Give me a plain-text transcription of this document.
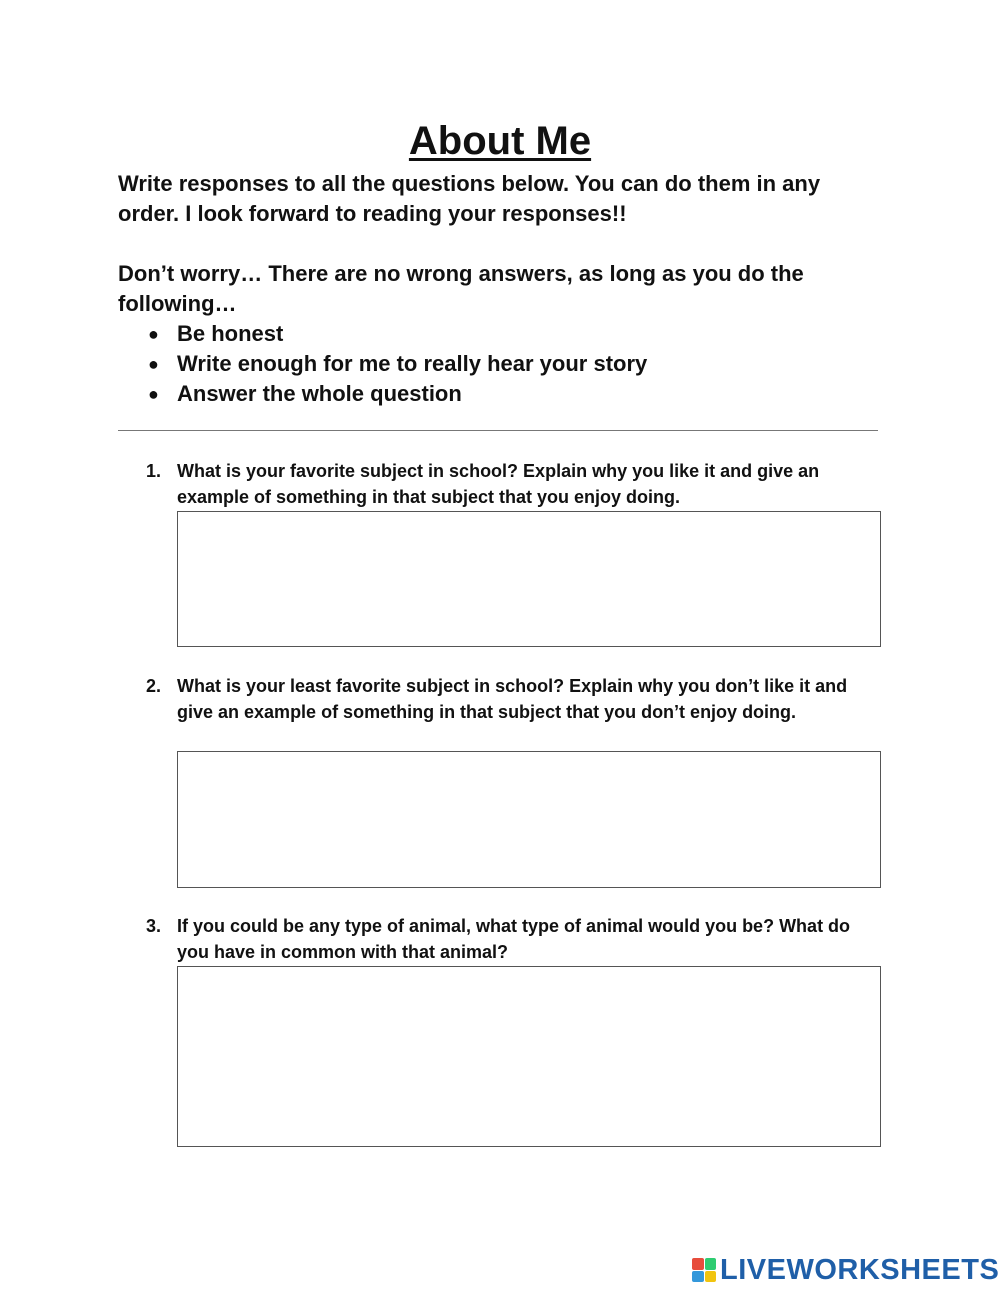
About Me

Write responses to all the questions below. You can do them in any order. I look forward to reading your responses!!

Don’t worry… There are no wrong answers, as long as you do the following…

● Be honest
● Write enough for me to really hear your story
● Answer the whole question
1. What is your favorite subject in school? Explain why you like it and give an example of something in that subject that you enjoy doing.
2. What is your least favorite subject in school? Explain why you don’t like it and give an example of something in that subject that you don’t enjoy doing.
3. If you could be any type of animal, what type of animal would you be? What do you have in common with that animal?
LIVEWORKSHEETS
